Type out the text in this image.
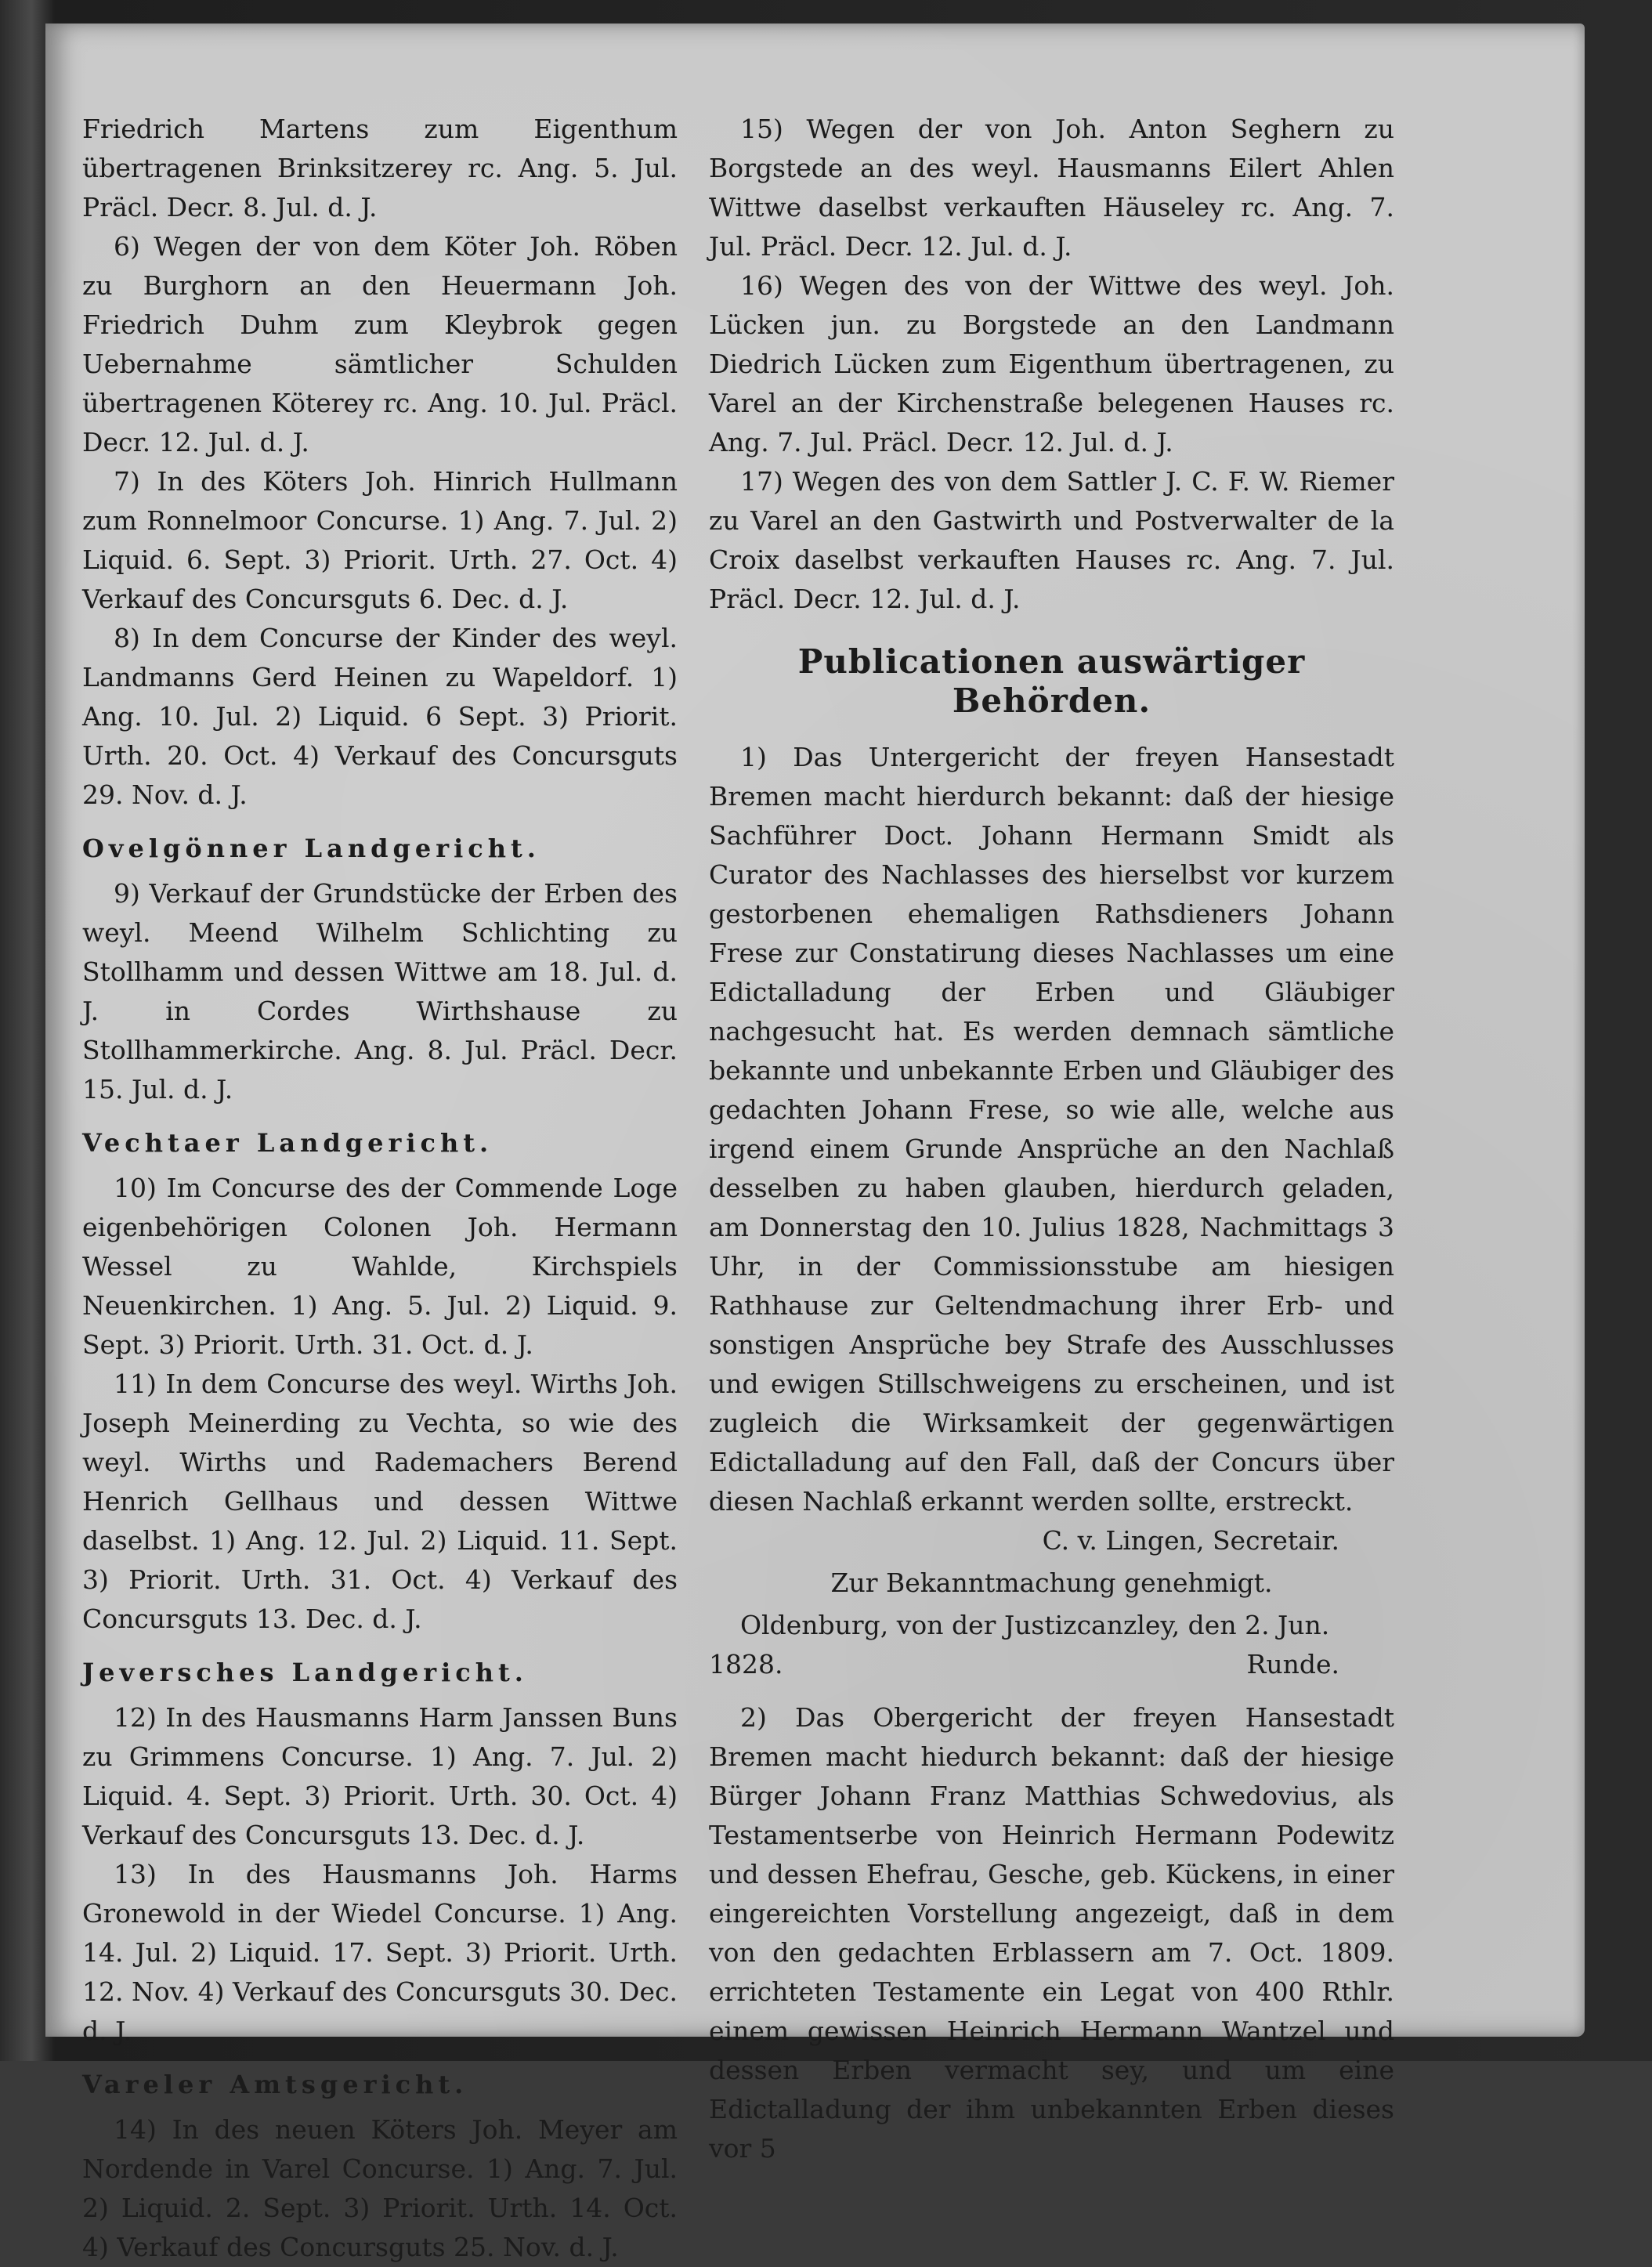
Friedrich Martens zum Eigenthum übertragenen Brinksitzerey rc. Ang. 5. Jul. Präcl. Decr. 8. Jul. d. J.

6) Wegen der von dem Köter Joh. Röben zu Burghorn an den Heuermann Joh. Friedrich Duhm zum Kleybrok gegen Uebernahme sämtlicher Schulden übertragenen Köterey rc. Ang. 10. Jul. Präcl. Decr. 12. Jul. d. J.

7) In des Köters Joh. Hinrich Hullmann zum Ronnelmoor Concurse. 1) Ang. 7. Jul. 2) Liquid. 6. Sept. 3) Priorit. Urth. 27. Oct. 4) Verkauf des Concursguts 6. Dec. d. J.

8) In dem Concurse der Kinder des weyl. Landmanns Gerd Heinen zu Wapeldorf. 1) Ang. 10. Jul. 2) Liquid. 6 Sept. 3) Priorit. Urth. 20. Oct. 4) Verkauf des Concursguts 29. Nov. d. J.

Ovelgönner Landgericht.

9) Verkauf der Grundstücke der Erben des weyl. Meend Wilhelm Schlichting zu Stollhamm und dessen Wittwe am 18. Jul. d. J. in Cordes Wirthshause zu Stollhammerkirche. Ang. 8. Jul. Präcl. Decr. 15. Jul. d. J.

Vechtaer Landgericht.

10) Im Concurse des der Commende Loge eigenbehörigen Colonen Joh. Hermann Wessel zu Wahlde, Kirchspiels Neuenkirchen. 1) Ang. 5. Jul. 2) Liquid. 9. Sept. 3) Priorit. Urth. 31. Oct. d. J.

11) In dem Concurse des weyl. Wirths Joh. Joseph Meinerding zu Vechta, so wie des weyl. Wirths und Rademachers Berend Henrich Gellhaus und dessen Wittwe daselbst. 1) Ang. 12. Jul. 2) Liquid. 11. Sept. 3) Priorit. Urth. 31. Oct. 4) Verkauf des Concursguts 13. Dec. d. J.

Jeversches Landgericht.

12) In des Hausmanns Harm Janssen Buns zu Grimmens Concurse. 1) Ang. 7. Jul. 2) Liquid. 4. Sept. 3) Priorit. Urth. 30. Oct. 4) Verkauf des Concursguts 13. Dec. d. J.

13) In des Hausmanns Joh. Harms Gronewold in der Wiedel Concurse. 1) Ang. 14. Jul. 2) Liquid. 17. Sept. 3) Priorit. Urth. 12. Nov. 4) Verkauf des Concursguts 30. Dec. d. J.

Vareler Amtsgericht.

14) In des neuen Köters Joh. Meyer am Nordende in Varel Concurse. 1) Ang. 7. Jul. 2) Liquid. 2. Sept. 3) Priorit. Urth. 14. Oct. 4) Verkauf des Concursguts 25. Nov. d. J.

15) Wegen der von Joh. Anton Seghern zu Borgstede an des weyl. Hausmanns Eilert Ahlen Wittwe daselbst verkauften Häuseley rc. Ang. 7. Jul. Präcl. Decr. 12. Jul. d. J.

16) Wegen des von der Wittwe des weyl. Joh. Lücken jun. zu Borgstede an den Landmann Diedrich Lücken zum Eigenthum übertragenen, zu Varel an der Kirchenstraße belegenen Hauses rc. Ang. 7. Jul. Präcl. Decr. 12. Jul. d. J.

17) Wegen des von dem Sattler J. C. F. W. Riemer zu Varel an den Gastwirth und Postverwalter de la Croix daselbst verkauften Hauses rc. Ang. 7. Jul. Präcl. Decr. 12. Jul. d. J.

Publicationen auswärtiger Behörden.

1) Das Untergericht der freyen Hansestadt Bremen macht hierdurch bekannt: daß der hiesige Sachführer Doct. Johann Hermann Smidt als Curator des Nachlasses des hierselbst vor kurzem gestorbenen ehemaligen Rathsdieners Johann Frese zur Constatirung dieses Nachlasses um eine Edictalladung der Erben und Gläubiger nachgesucht hat. Es werden demnach sämtliche bekannte und unbekannte Erben und Gläubiger des gedachten Johann Frese, so wie alle, welche aus irgend einem Grunde Ansprüche an den Nachlaß desselben zu haben glauben, hierdurch geladen, am Donnerstag den 10. Julius 1828, Nachmittags 3 Uhr, in der Commissionsstube am hiesigen Rathhause zur Geltendmachung ihrer Erb- und sonstigen Ansprüche bey Strafe des Ausschlusses und ewigen Stillschweigens zu erscheinen, und ist zugleich die Wirksamkeit der gegenwärtigen Edictalladung auf den Fall, daß der Concurs über diesen Nachlaß erkannt werden sollte, erstreckt.

C. v. Lingen, Secretair.

Zur Bekanntmachung genehmigt.

Oldenburg, von der Justizcanzley, den 2. Jun.

1828.	Runde.

2) Das Obergericht der freyen Hansestadt Bremen macht hiedurch bekannt: daß der hiesige Bürger Johann Franz Matthias Schwedovius, als Testamentserbe von Heinrich Hermann Podewitz und dessen Ehefrau, Gesche, geb. Kückens, in einer eingereichten Vorstellung angezeigt, daß in dem von den gedachten Erblassern am 7. Oct. 1809. errichteten Testamente ein Legat von 400 Rthlr. einem gewissen Heinrich Hermann Wantzel und dessen Erben vermacht sey, und um eine Edictalladung der ihm unbekannten Erben dieses vor 5
